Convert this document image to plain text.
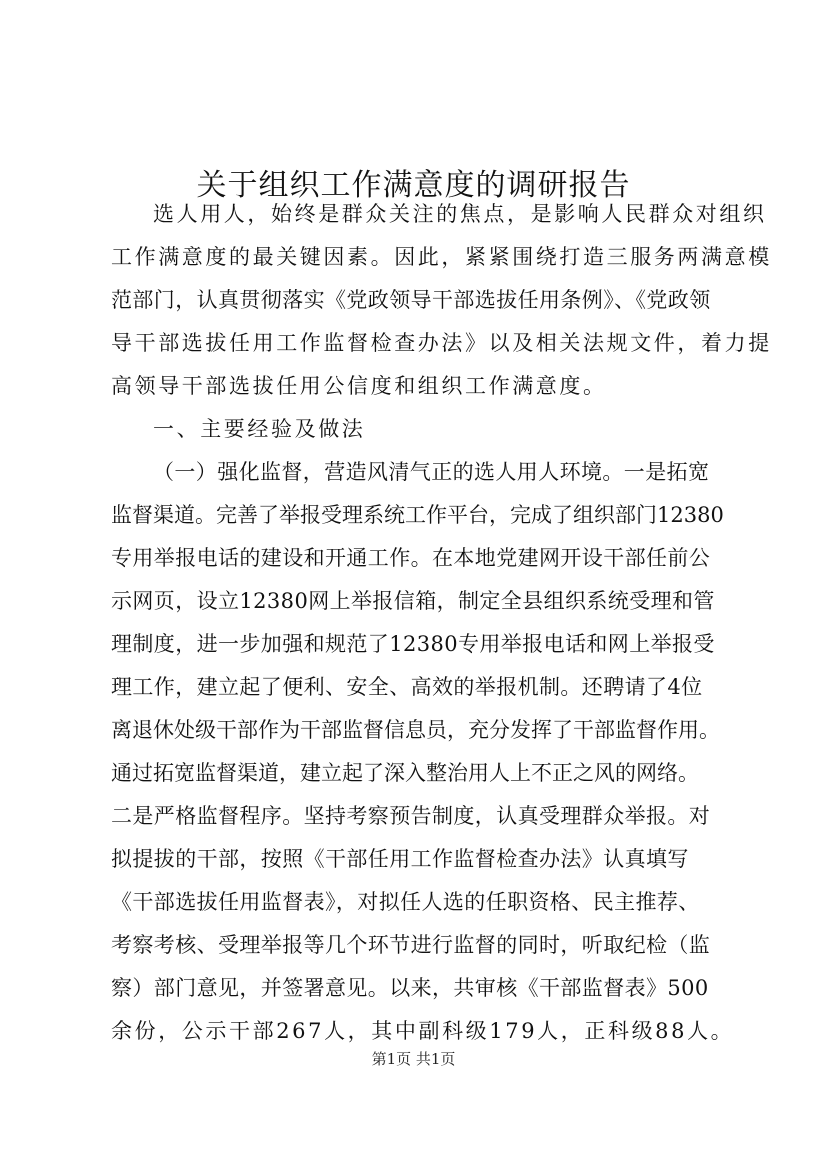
关于组织工作满意度的调研报告
选人用人，始终是群众关注的焦点，是影响人民群众对组织
工作满意度的最关键因素。因此，紧紧围绕打造三服务两满意模
范部门，认真贯彻落实《党政领导干部选拔任用条例》、《党政领
导干部选拔任用工作监督检查办法》以及相关法规文件，着力提
高领导干部选拔任用公信度和组织工作满意度。
一、主要经验及做法
（一）强化监督，营造风清气正的选人用人环境。一是拓宽
监督渠道。完善了举报受理系统工作平台，完成了组织部门12380
专用举报电话的建设和开通工作。在本地党建网开设干部任前公
示网页，设立12380网上举报信箱，制定全县组织系统受理和管
理制度，进一步加强和规范了12380专用举报电话和网上举报受
理工作，建立起了便利、安全、高效的举报机制。还聘请了4位
离退休处级干部作为干部监督信息员，充分发挥了干部监督作用。
通过拓宽监督渠道，建立起了深入整治用人上不正之风的网络。
二是严格监督程序。坚持考察预告制度，认真受理群众举报。对
拟提拔的干部，按照《干部任用工作监督检查办法》认真填写
《干部选拔任用监督表》，对拟任人选的任职资格、民主推荐、
考察考核、受理举报等几个环节进行监督的同时，听取纪检（监
察）部门意见，并签署意见。以来，共审核《干部监督表》500
余份，公示干部267人，其中副科级179人，正科级88人。
第1页 共1页
